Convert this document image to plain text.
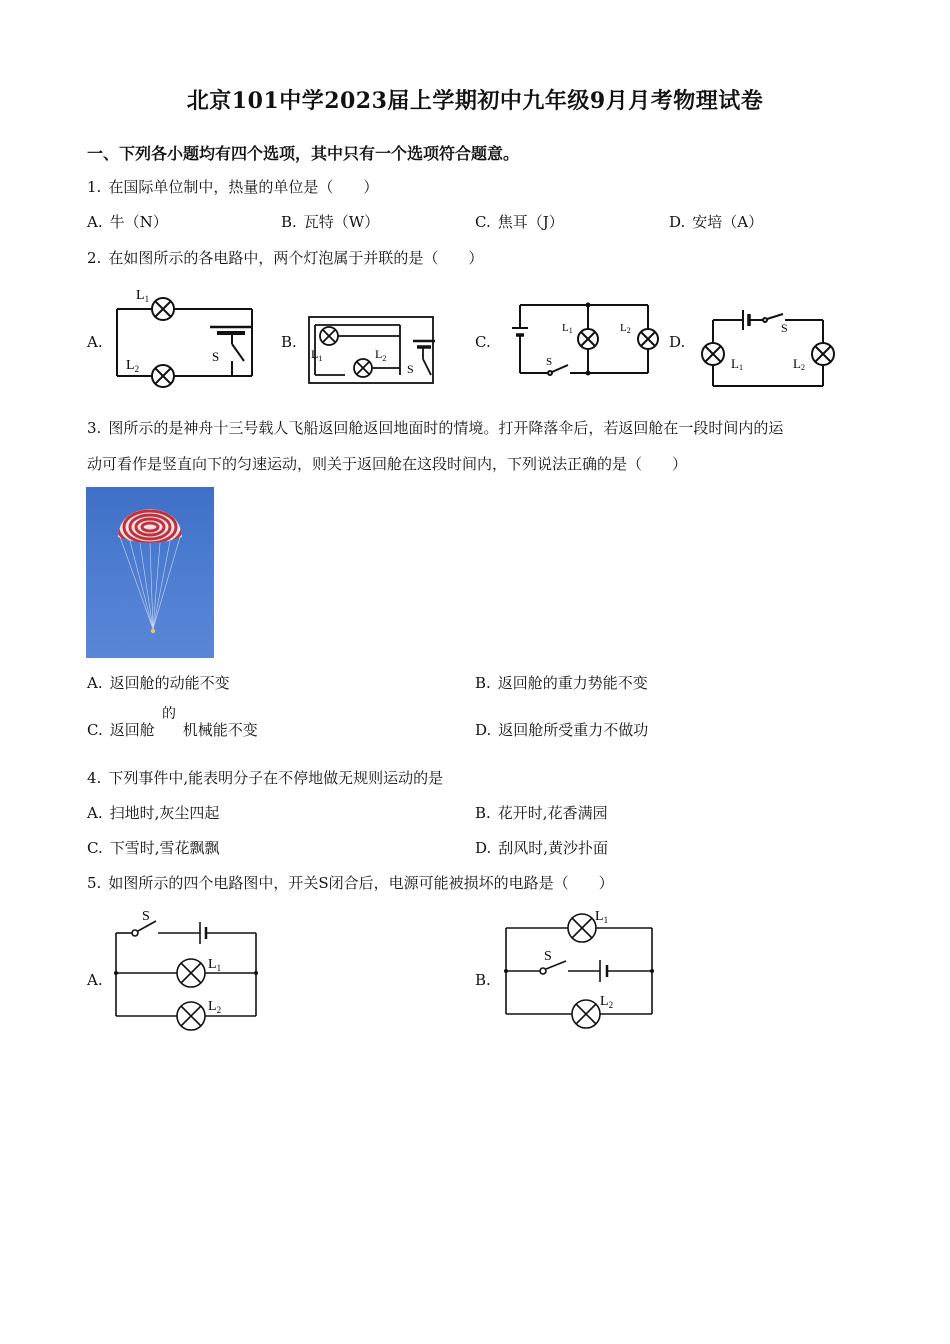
北京101中学2023届上学期初中九年级9月月考物理试卷
一、下列各小题均有四个选项，其中只有一个选项符合题意。
1. 在国际单位制中，热量的单位是（　　）
A. 牛（N）	B. 瓦特（W）	C. 焦耳（J）	D. 安培（A）
2. 在如图所示的各电路中，两个灯泡属于并联的是（　　）
A.	B.	C.	D.
$L_1$
$L_2$
S	$L_1$	$L_2$
S
L1	L2
S
S
L1	L2
3. 图所示的是神舟十三号载人飞船返回舱返回地面时的情境。打开降落伞后，若返回舱在一段时间内的运
动可看作是竖直向下的匀速运动，则关于返回舱在这段时间内，下列说法正确的是（　　）
A. 返回舱的动能不变	B. 返回舱的重力势能不变
C. 返回舱 机械能不变
的
D. 返回舱所受重力不做功
4. 下列事件中,能表明分子在不停地做无规则运动的是
A. 扫地时,灰尘四起	B. 花开时,花香满园
C. 下雪时,雪花飘飘	D. 刮风时,黄沙扑面
5. 如图所示的四个电路图中，开关S闭合后，电源可能被损坏的电路是（　　）
A.	B.
S
$L_1$
$L_2$
$L_1$
S
$L_2$
